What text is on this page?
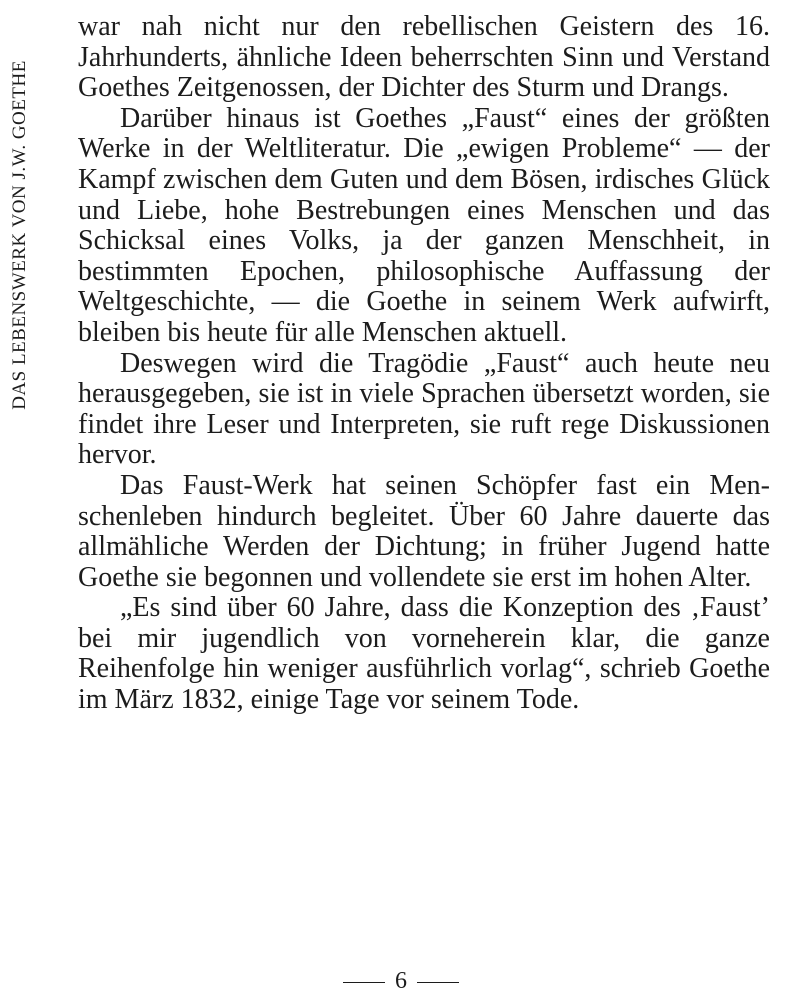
DAS LEBENSWERK VON J.W. GOETHE

war nah nicht nur den rebellischen Geistern des 16. Jahrhunderts, ähnliche Ideen beherrschten Sinn und Verstand Goethes Zeitgenossen, der Dichter des Sturm und Drangs.

Darüber hinaus ist Goethes „Faust“ eines der größten Werke in der Weltliteratur. Die „ewigen Probleme“ — der Kampf zwischen dem Guten und dem Bösen, irdisches Glück und Liebe, hohe Bestrebungen eines Menschen und das Schicksal eines Volks, ja der ganzen Menschheit, in bestimmten Epochen, philosophische Auffassung der Weltgeschichte, — die Goethe in seinem Werk aufwirft, bleiben bis heute für alle Menschen aktuell.

Deswegen wird die Tragödie „Faust“ auch heute neu herausgegeben, sie ist in viele Sprachen übersetzt worden, sie findet ihre Leser und Interpreten, sie ruft rege Diskussionen hervor.

Das Faust-Werk hat seinen Schöpfer fast ein Menschenleben hindurch begleitet. Über 60 Jahre dauerte das allmähliche Werden der Dichtung; in früher Jugend hatte Goethe sie begonnen und vollendete sie erst im hohen Alter.

„Es sind über 60 Jahre, dass die Konzeption des ‚Faust’ bei mir jugendlich von vorneherein klar, die ganze Reihenfolge hin weniger ausführlich vorlag“, schrieb Goethe im März 1832, einige Tage vor seinem Tode.

6
